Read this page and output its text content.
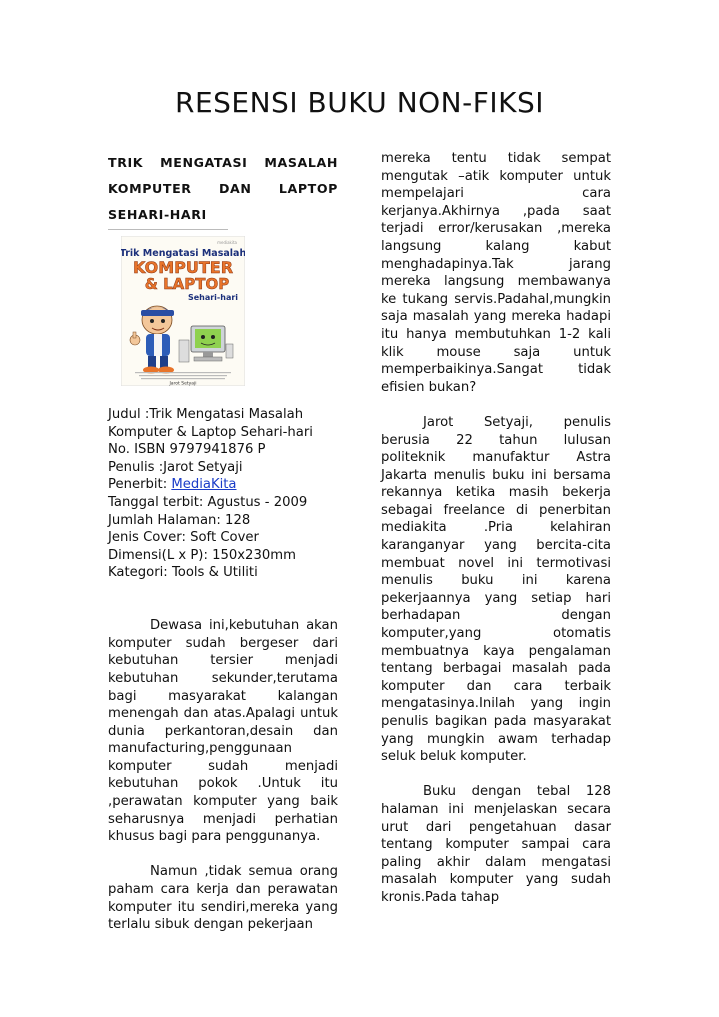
RESENSI BUKU NON-FIKSI
TRIK MENGATASI MASALAH KOMPUTER DAN LAPTOP SEHARI-HARI
mediakita
Trik Mengatasi Masalah
KOMPUTER
& LAPTOP
Sehari-hari
Jarot Setyaji
Judul :Trik Mengatasi Masalah
Komputer & Laptop Sehari-hari
No. ISBN 9797941876 P
Penulis :Jarot Setyaji
Penerbit: MediaKita
Tanggal terbit: Agustus - 2009
Jumlah Halaman: 128
Jenis Cover: Soft Cover
Dimensi(L x P): 150x230mm
Kategori: Tools & Utiliti

Dewasa ini,kebutuhan akan komputer sudah bergeser dari kebutuhan tersier menjadi kebutuhan sekunder,terutama bagi masyarakat kalangan menengah dan atas.Apalagi untuk dunia perkantoran,desain dan manufacturing,penggunaan komputer sudah menjadi kebutuhan pokok .Untuk itu ,perawatan komputer yang baik seharusnya menjadi perhatian khusus bagi para penggunanya.

Namun ,tidak semua orang paham cara kerja dan perawatan komputer itu sendiri,mereka yang terlalu sibuk dengan pekerjaan

mereka tentu tidak sempat mengutak –atik komputer untuk mempelajari cara kerjanya.Akhirnya ,pada saat terjadi error/kerusakan ,mereka langsung kalang kabut menghadapinya.Tak jarang mereka langsung membawanya ke tukang servis.Padahal,mungkin saja masalah yang mereka hadapi itu hanya membutuhkan 1-2 kali klik mouse saja untuk memperbaikinya.Sangat tidak efisien bukan?

Jarot Setyaji, penulis berusia 22 tahun lulusan politeknik manufaktur Astra Jakarta menulis buku ini bersama rekannya ketika masih bekerja sebagai freelance di penerbitan mediakita .Pria kelahiran karanganyar yang bercita-cita membuat novel ini termotivasi menulis buku ini karena pekerjaannya yang setiap hari berhadapan dengan komputer,yang otomatis membuatnya kaya pengalaman tentang berbagai masalah pada komputer dan cara terbaik mengatasinya.Inilah yang ingin penulis bagikan pada masyarakat yang mungkin awam terhadap seluk beluk komputer.

Buku dengan tebal 128 halaman ini menjelaskan secara urut dari pengetahuan dasar tentang komputer sampai cara paling akhir dalam mengatasi masalah komputer yang sudah kronis.Pada tahap
